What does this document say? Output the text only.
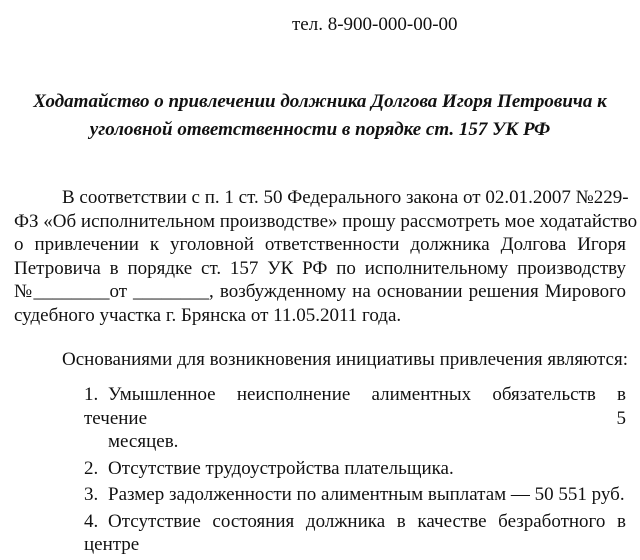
тел. 8-900-000-00-00
Ходатайство о привлечении должника Долгова Игоря Петровича к
уголовной ответственности в порядке ст. 157 УК РФ
В соответствии с п. 1 ст. 50 Федерального закона от 02.01.2007 №229-
ФЗ «Об исполнительном производстве» прошу рассмотреть мое ходатайство
о привлечении к уголовной ответственности должника Долгова Игоря
Петровича в порядке ст. 157 УК РФ по исполнительному производству
№________от ________, возбужденному на основании решения Мирового
судебного участка г. Брянска от 11.05.2011 года.
Основаниями для возникновения инициативы привлечения являются:
1. Умышленное неисполнение алиментных обязательств в течение 5
месяцев.
2. Отсутствие трудоустройства плательщика.
3. Размер задолженности по алиментным выплатам — 50 551 руб.
4. Отсутствие состояния должника в качестве безработного в центре
